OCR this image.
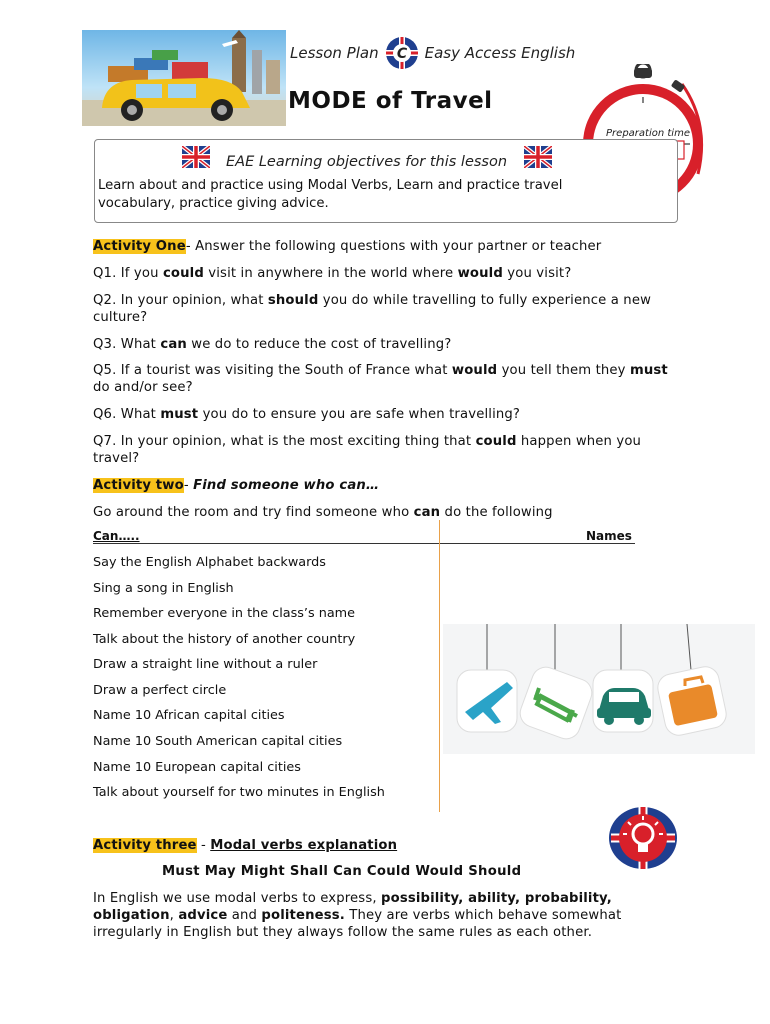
Lesson Plan C Easy Access English
MODE of Travel
Preparation time
EAE Learning objectives for this lesson
Learn about and practice using Modal Verbs, Learn and practice travel vocabulary, practice giving advice.
Activity One- Answer the following questions with your partner or teacher
Q1. If you could visit in anywhere in the world where would you visit?
Q2. In your opinion, what should you do while travelling to fully experience a new culture?
Q3. What can we do to reduce the cost of travelling?
Q5. If a tourist was visiting the South of France what would you tell them they must do and/or see?
Q6. What must you do to ensure you are safe when travelling?
Q7. In your opinion, what is the most exciting thing that could happen when you travel?
Activity two- Find someone who can…
Go around the room and try find someone who can do the following
Can…..	Names
Say the English Alphabet backwards
Sing a song in English
Remember everyone in the class’s name
Talk about the history of another country
Draw a straight line without a ruler
Draw a perfect circle
Name 10 African capital cities
Name 10 South American capital cities
Name 10 European capital cities
Talk about yourself for two minutes in English
Activity three - Modal verbs explanation
Must May Might Shall Can Could Would Should
In English we use modal verbs to express, possibility, ability, probability, obligation, advice and politeness. They are verbs which behave somewhat irregularly in English but they always follow the same rules as each other.
